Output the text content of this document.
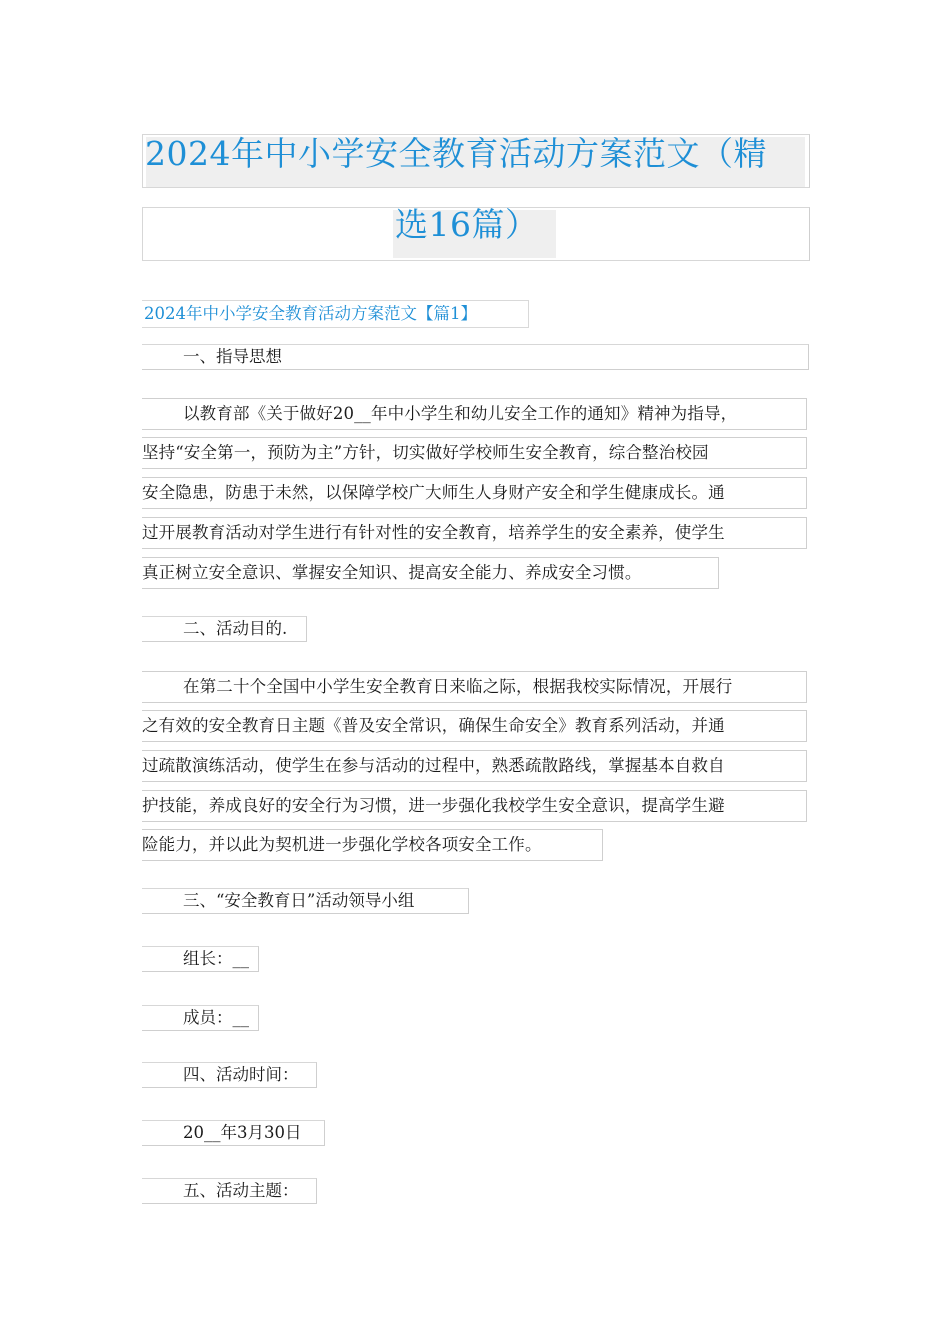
2024年中小学安全教育活动方案范文（精
选16篇）
2024年中小学安全教育活动方案范文【篇1】
一、指导思想
以教育部《关于做好20__年中小学生和幼儿安全工作的通知》精神为指导，
坚持“安全第一，预防为主”方针，切实做好学校师生安全教育，综合整治校园
安全隐患，防患于未然，以保障学校广大师生人身财产安全和学生健康成长。通
过开展教育活动对学生进行有针对性的安全教育，培养学生的安全素养，使学生
真正树立安全意识、掌握安全知识、提高安全能力、养成安全习惯。
二、活动目的.
在第二十个全国中小学生安全教育日来临之际，根据我校实际情况，开展行
之有效的安全教育日主题《普及安全常识，确保生命安全》教育系列活动，并通
过疏散演练活动，使学生在参与活动的过程中，熟悉疏散路线，掌握基本自救自
护技能，养成良好的安全行为习惯，进一步强化我校学生安全意识，提高学生避
险能力，并以此为契机进一步强化学校各项安全工作。
三、“安全教育日”活动领导小组
组长：__
成员：__
四、活动时间：
20__年3月30日
五、活动主题：
